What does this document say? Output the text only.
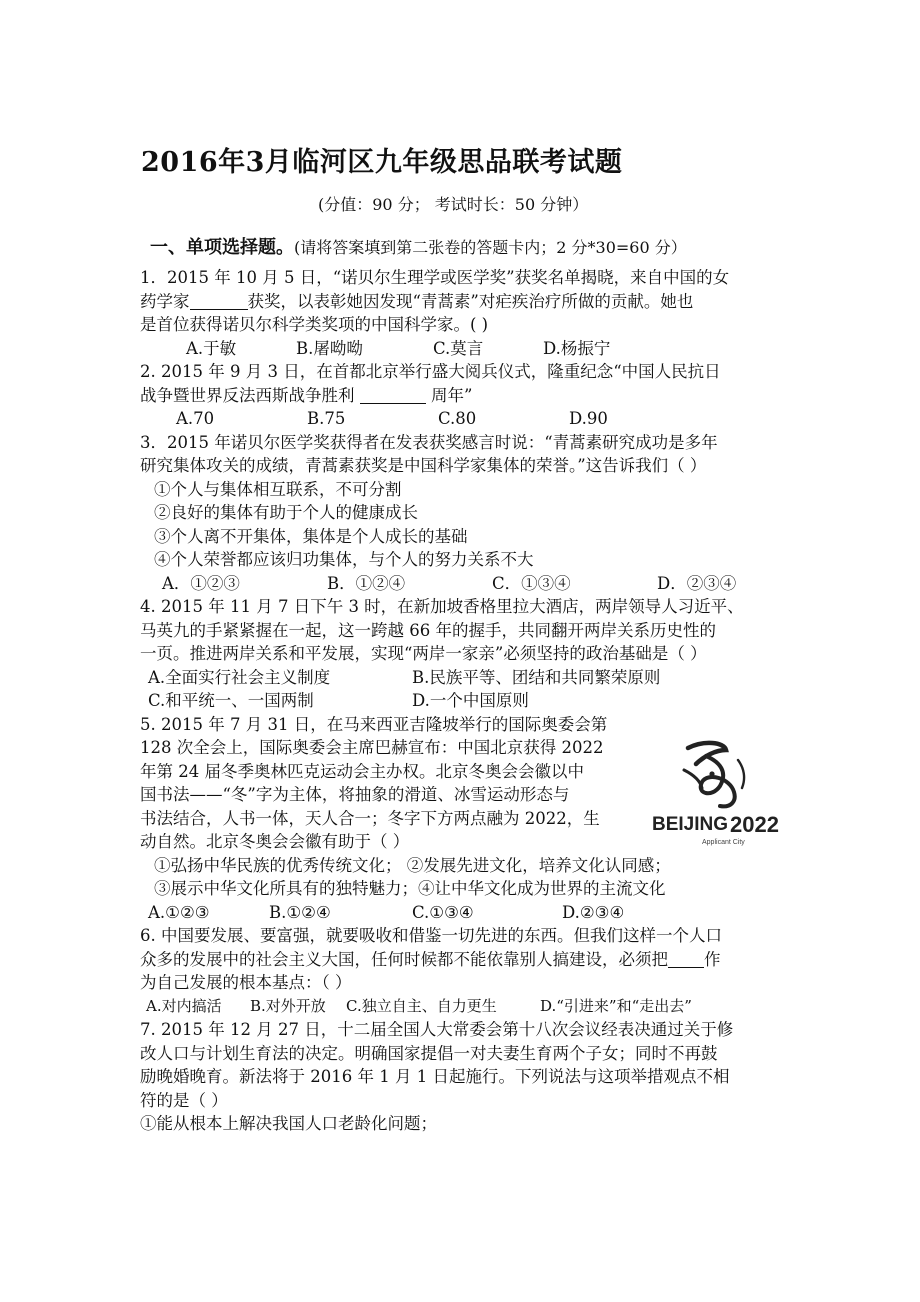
2016年3月临河区九年级思品联考试题
(分值：90 分； 考试时长：50 分钟）
一、单项选择题。(请将答案填到第二张卷的答题卡内；2 分*30=60 分）
1．2015 年 10 月 5 日，“诺贝尔生理学或医学奖”获奖名单揭晓，来自中国的女
药学家	获奖，以表彰她因发现“青蒿素”对疟疾治疗所做的贡献。她也
是首位获得诺贝尔科学类奖项的中国科学家。( )
A.于敏	B.屠呦呦	C.莫言	D.杨振宁
2. 2015 年 9 月 3 日，在首都北京举行盛大阅兵仪式，隆重纪念“中国人民抗日
战争暨世界反法西斯战争胜利	周年”
A.70	B.75	C.80	D.90
3．2015 年诺贝尔医学奖获得者在发表获奖感言时说：“青蒿素研究成功是多年
研究集体攻关的成绩，青蒿素获奖是中国科学家集体的荣誉。”这告诉我们（ ）
①个人与集体相互联系，不可分割
②良好的集体有助于个人的健康成长
③个人离不开集体，集体是个人成长的基础
④个人荣誉都应该归功集体，与个人的努力关系不大
A．①②③	B．①②④	C．①③④	D．②③④
4. 2015 年 11 月 7 日下午 3 时，在新加坡香格里拉大酒店，两岸领导人习近平、
马英九的手紧紧握在一起，这一跨越 66 年的握手，共同翻开两岸关系历史性的
一页。推进两岸关系和平发展，实现“两岸一家亲”必须坚持的政治基础是（ ）
A.全面实行社会主义制度	B.民族平等、团结和共同繁荣原则
C.和平统一、一国两制	D.一个中国原则
5. 2015 年 7 月 31 日，在马来西亚吉隆坡举行的国际奥委会第
128 次全会上，国际奥委会主席巴赫宣布：中国北京获得 2022
年第 24 届冬季奥林匹克运动会主办权。北京冬奥会会徽以中
国书法——“冬”字为主体，将抽象的滑道、冰雪运动形态与
书法结合，人书一体，天人合一；冬字下方两点融为 2022，生
动自然。北京冬奥会会徽有助于（ ）
①弘扬中华民族的优秀传统文化； ②发展先进文化，培养文化认同感；
③展示中华文化所具有的独特魅力；④让中华文化成为世界的主流文化
A.①②③	B.①②④	C.①③④	D.②③④
6. 中国要发展、要富强，就要吸收和借鉴一切先进的东西。但我们这样一个人口
众多的发展中的社会主义大国，任何时候都不能依靠别人搞建设，必须把 作
为自己发展的根本基点：（ ）
A.对内搞活 B.对外开放 C.独立自主、自力更生	D.“引进来”和“走出去”
7. 2015 年 12 月 27 日，十二届全国人大常委会第十八次会议经表决通过关于修
改人口与计划生育法的决定。明确国家提倡一对夫妻生育两个子女；同时不再鼓
励晚婚晚育。新法将于 2016 年 1 月 1 日起施行。下列说法与这项举措观点不相
符的是（ ）
①能从根本上解决我国人口老龄化问题；
BEIJING 2022
Applicant City
